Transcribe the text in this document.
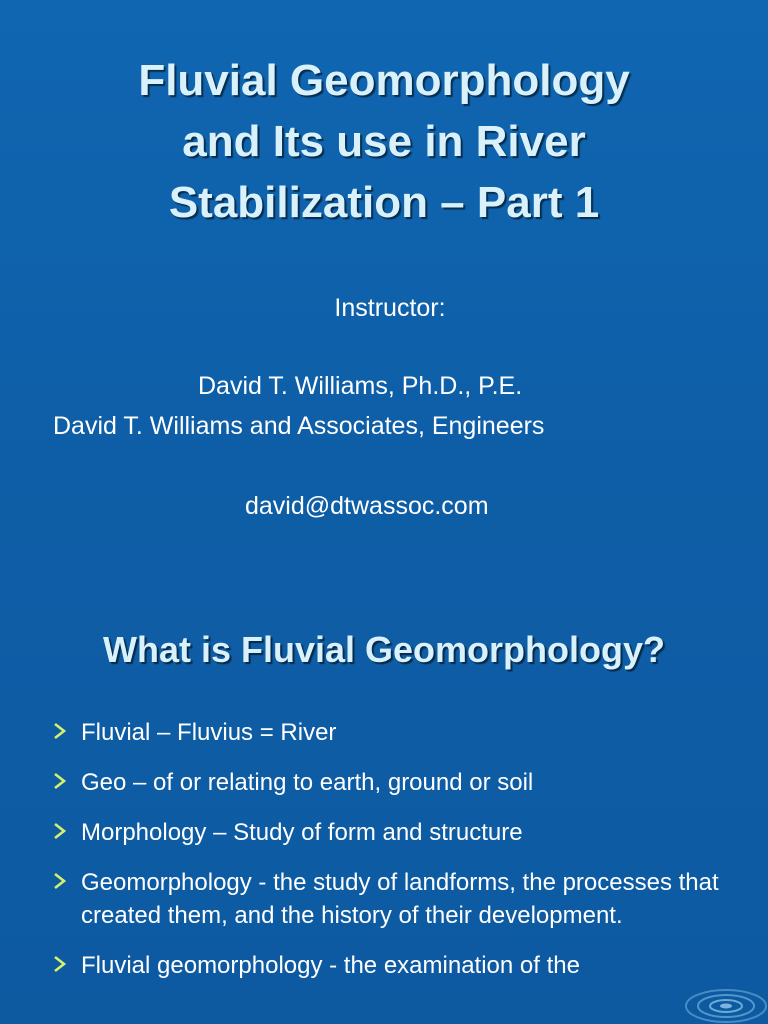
Fluvial Geomorphology
and Its use in River
Stabilization – Part 1
Instructor:
David T. Williams, Ph.D., P.E.
David T. Williams and Associates, Engineers
david@dtwassoc.com
What is Fluvial Geomorphology?
Fluvial – Fluvius = River
Geo – of or relating to earth, ground or soil
Morphology – Study of form and structure
Geomorphology - the study of landforms, the processes that created them, and the history of their development.
Fluvial geomorphology - the examination of the
